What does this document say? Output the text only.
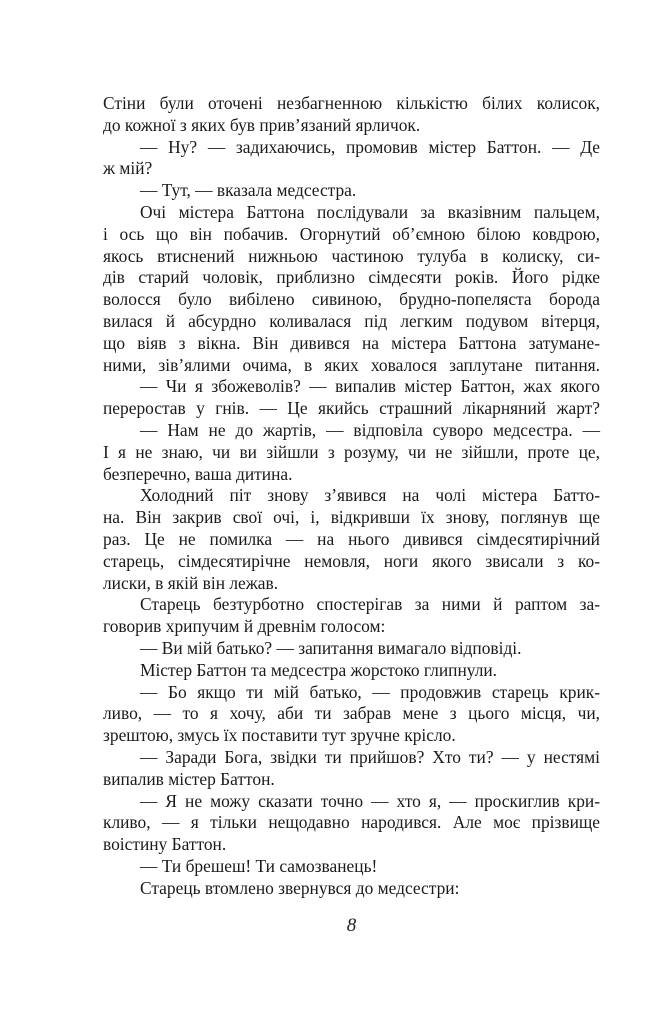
Стіни були оточені незбагненною кількістю білих колисок,
до кожної з яких був прив’язаний ярличок.
— Ну? — задихаючись, промовив містер Баттон. — Де
ж мій?
— Тут, — вказала медсестра.
Очі містера Баттона послідували за вказівним пальцем,
і ось що він побачив. Огорнутий об’ємною білою ковдрою,
якось втиснений нижньою частиною тулуба в колиску, си-
дів старий чоловік, приблизно сімдесяти років. Його рідке
волосся було вибілено сивиною, брудно-попеляста борода
вилася й абсурдно коливалася під легким подувом вітерця,
що віяв з вікна. Він дивився на містера Баттона затумане-
ними, зів’ялими очима, в яких ховалося заплутане питання.
— Чи я збожеволів? — випалив містер Баттон, жах якого
переростав у гнів. — Це якийсь страшний лікарняний жарт?
— Нам не до жартів, — відповіла суворо медсестра. —
І я не знаю, чи ви зійшли з розуму, чи не зійшли, проте це,
безперечно, ваша дитина.
Холодний піт знову з’явився на чолі містера Батто-
на. Він закрив свої очі, і, відкривши їх знову, поглянув ще
раз. Це не помилка — на нього дивився сімдесятирічний
старець, сімдесятирічне немовля, ноги якого звисали з ко-
лиски, в якій він лежав.
Старець безтурботно спостерігав за ними й раптом за-
говорив хрипучим й древнім голосом:
— Ви мій батько? — запитання вимагало відповіді.
Містер Баттон та медсестра жорстоко глипнули.
— Бо якщо ти мій батько, — продовжив старець крик-
ливо, — то я хочу, аби ти забрав мене з цього місця, чи,
зрештою, змусь їх поставити тут зручне крісло.
— Заради Бога, звідки ти прийшов? Хто ти? — у нестямі
випалив містер Баттон.
— Я не можу сказати точно — хто я, — проскиглив кри-
кливо, — я тільки нещодавно народився. Але моє прізвище
воістину Баттон.
— Ти брешеш! Ти самозванець!
Старець втомлено звернувся до медсестри:
8
